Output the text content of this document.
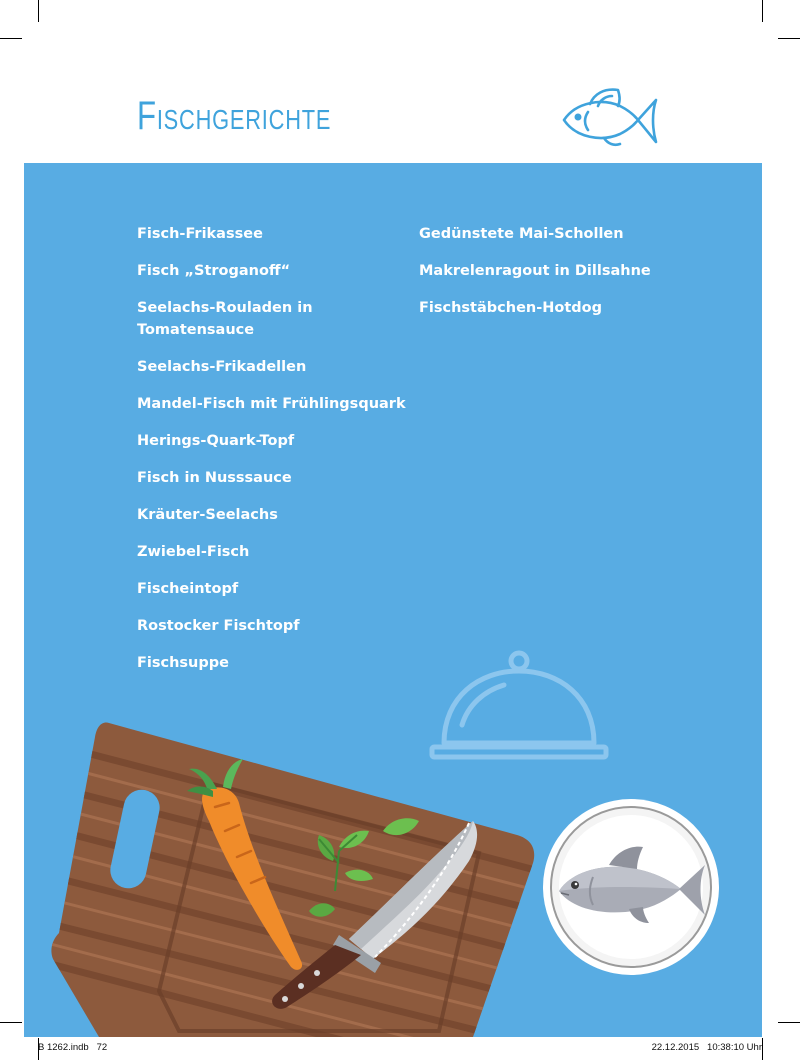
Fischgerichte
Fisch-Frikassee
Fisch „Stroganoff“
Seelachs-Rouladen in Tomatensauce
Seelachs-Frikadellen
Mandel-Fisch mit Frühlingsquark
Herings-Quark-Topf
Fisch in Nusssauce
Kräuter-Seelachs
Zwiebel-Fisch
Fischeintopf
Rostocker Fischtopf
Fischsuppe
Gedünstete Mai-Schollen
Makrelenragout in Dillsahne
Fischstäbchen-Hotdog
B 1262.indb   72	22.12.2015   10:38:10 Uhr
